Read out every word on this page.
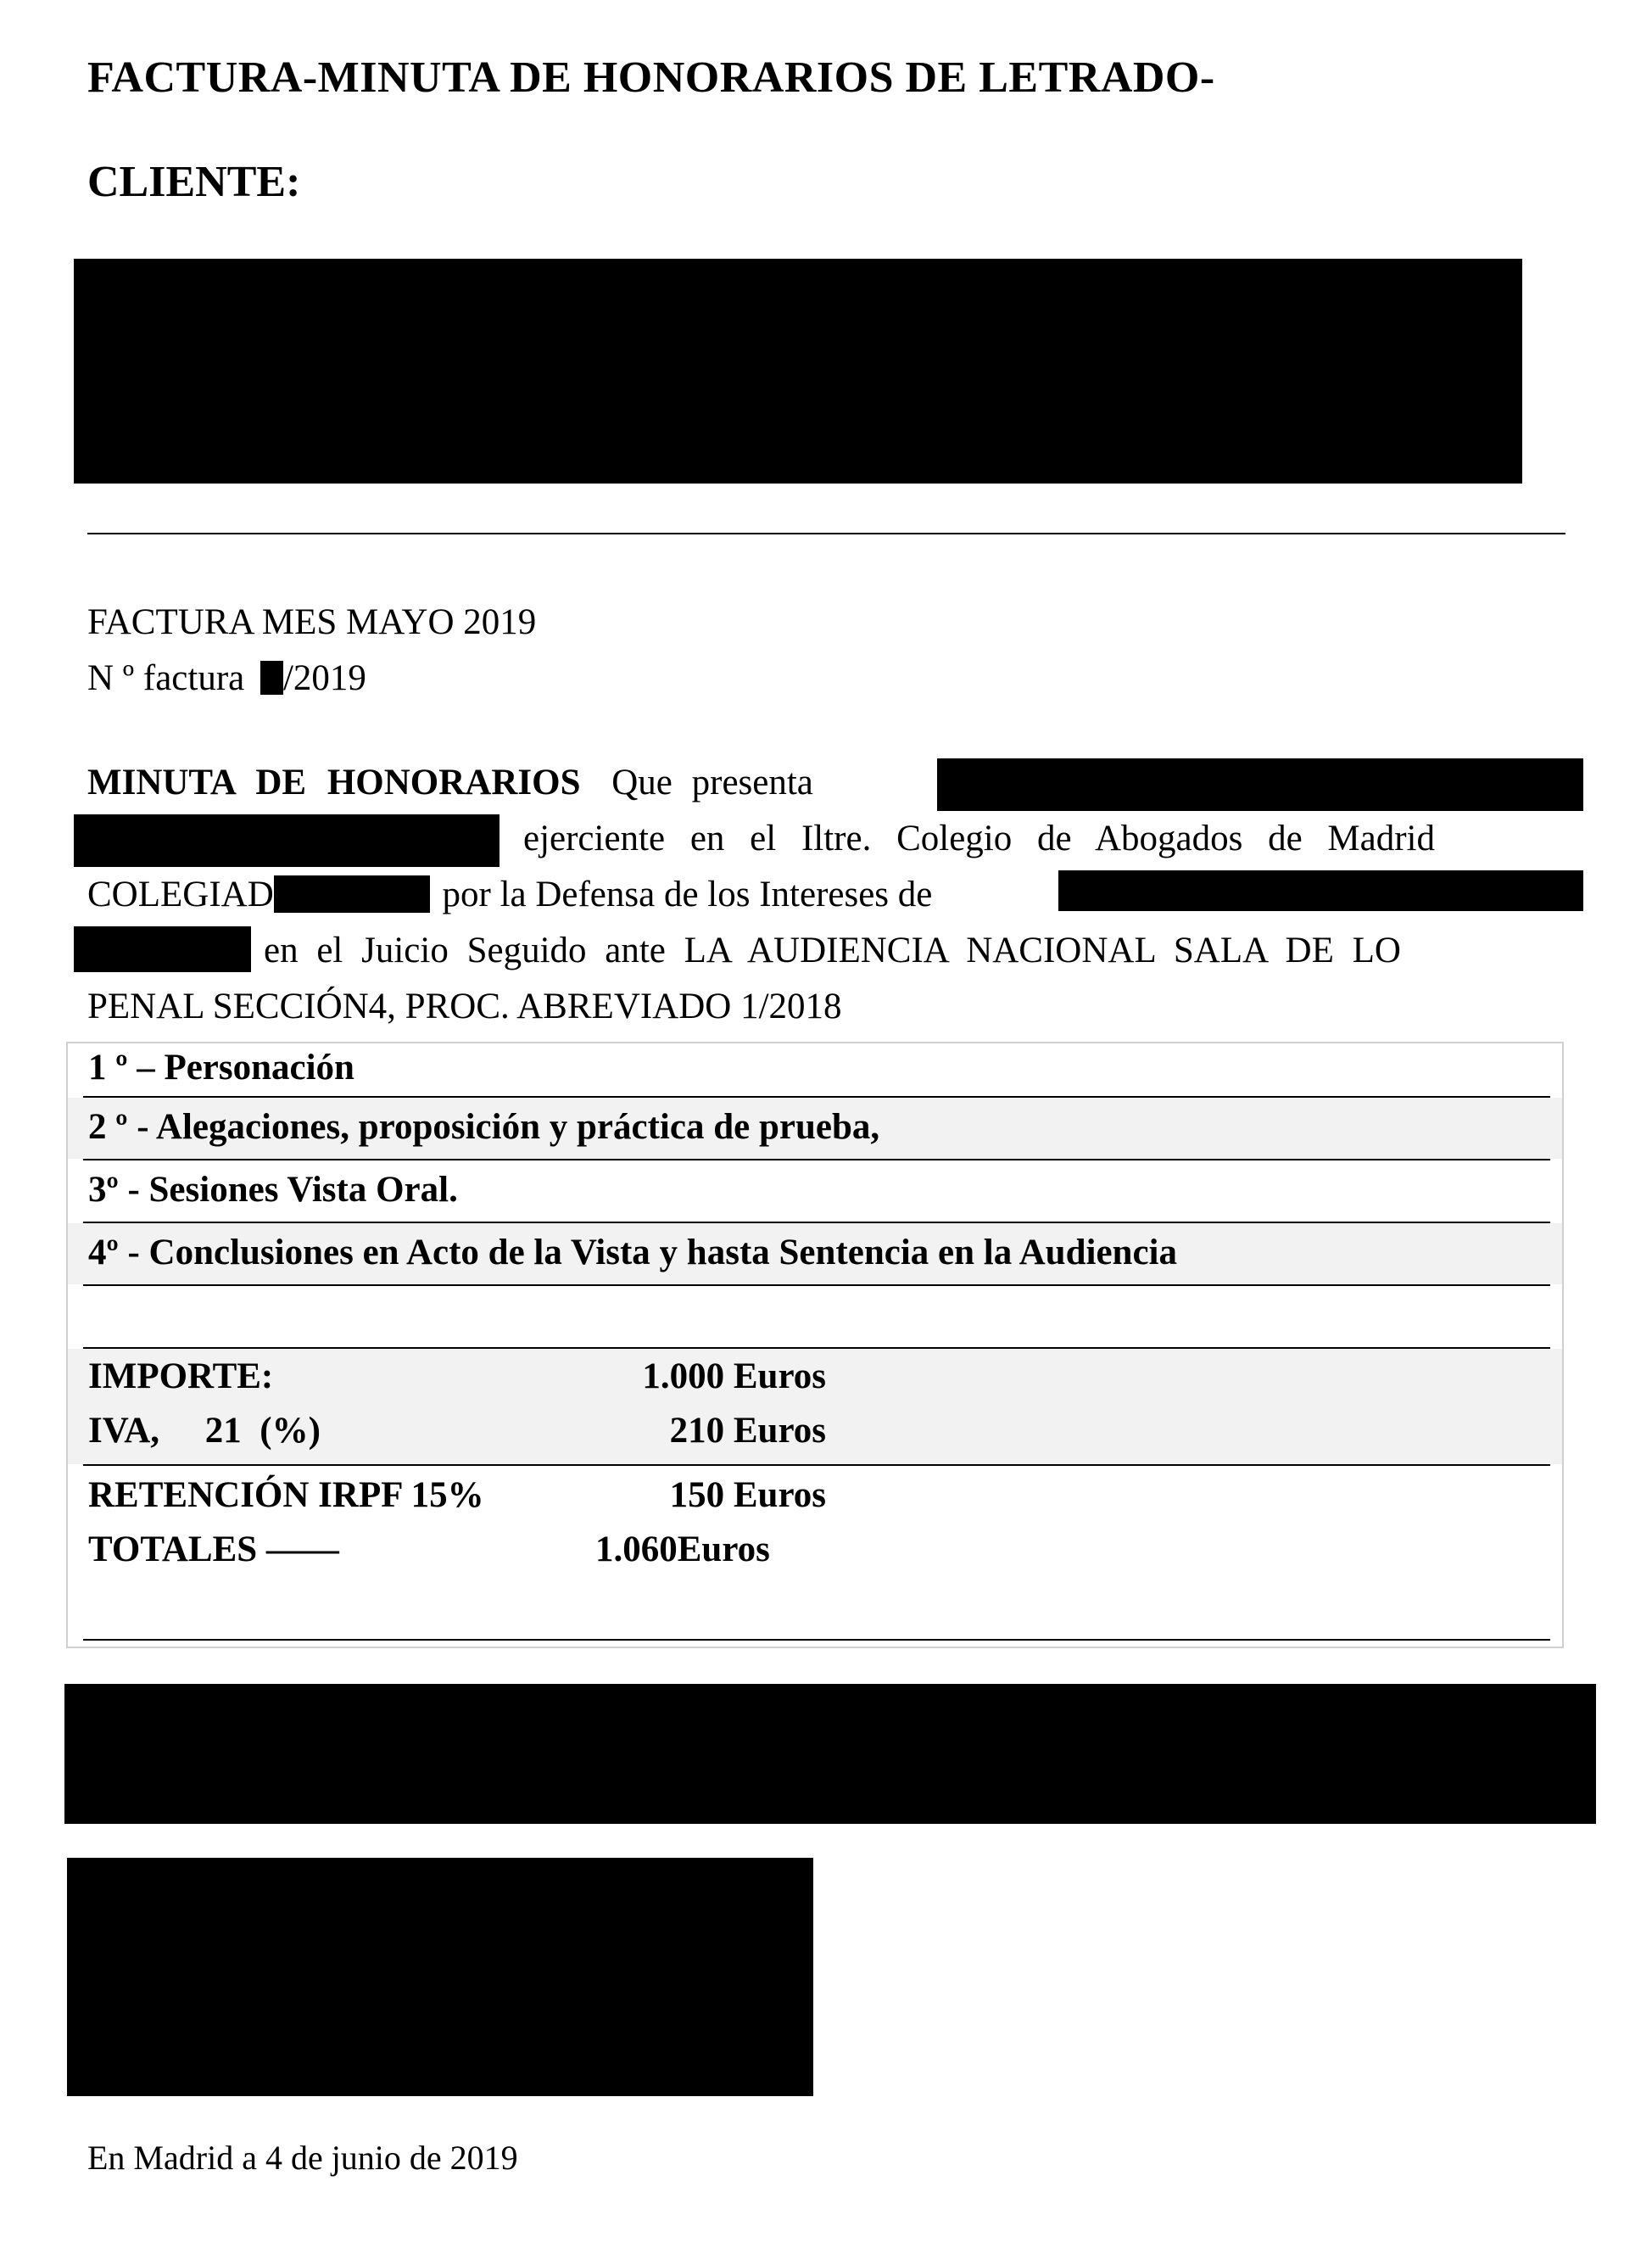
FACTURA-MINUTA DE HONORARIOS DE LETRADO-
CLIENTE:
FACTURA MES MAYO 2019
N º factura /2019
MINUTA DE HONORARIOS Que presenta
ejerciente en el Iltre. Colegio de Abogados de Madrid
COLEGIAD	por la Defensa de los Intereses de
en el Juicio Seguido ante LA AUDIENCIA NACIONAL SALA DE LO
PENAL SECCIÓN4, PROC. ABREVIADO 1/2018
1 º – Personación
2 º - Alegaciones, proposición y práctica de prueba,
3º - Sesiones Vista Oral.
4º - Conclusiones en Acto de la Vista y hasta Sentencia en la Audiencia
IMPORTE:	1.000 Euros
IVA,     21  (%)	210 Euros
RETENCIÓN IRPF 15%	150 Euros
TOTALES ——	1.060Euros
En Madrid a 4 de junio de 2019
